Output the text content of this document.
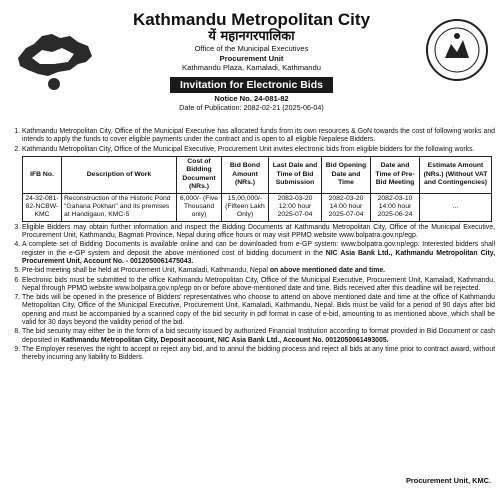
Kathmandu Metropolitan City
यें महानगरपालिका
Office of the Municipal Executives
Procurement Unit
Kathmandu Plaza, Kamaladi, Kathmandu
Invitation for Electronic Bids
Notice No. 24-081-82
Date of Publication: 2082-02-21 (2025-06-04)
1. Kathmandu Metropolitan City, Office of the Municipal Executive has allocated funds from its own resources & GoN towards the cost of following works and intends to apply the funds to cover eligible payments under the contract and is open to all eligible Nepalese Bidders.
2. Kathmandu Metropolitan City, Office of the Municipal Executive, Procurement Unit invites electronic bids from eligible bidders for the following works.
IFB No.	Description of Work	Cost of Bidding Document (NRs.)	Bid Bond Amount (NRs.)	Last Date and Time of Bid Submission	Bid Opening Date and Time	Date and Time of Pre-Bid Meeting	Estimate Amount (NRs.) (Without VAT and Contingencies)
24-32-081-82-NCBW-KMC	Reconstruction of the Historic Pond "Gahana Pokhari" and its premises at Handigaun, KMC-5	6,000/- (Five Thousand only)	15,00,000/- (Fifteen Lakh Only)	2082-03-20 12:00 hour 2025-07-04	2082-03-20 14:00 hour 2025-07-04	2082-03-10 14:00 hour 2025-06-24	...
3. Eligible Bidders may obtain further information and inspect the Bidding Documents at Kathmandu Metropolitan City, Office of the Municipal Executive, Procurement Unit, Kathmandu, Bagmati Province, Nepal during office hours or may visit PPMO website www.bolpatra.gov.np/egp.
4. A complete set of Bidding Documents is available online and can be downloaded from e-GP system: www.bolpatra.gov.np/egp. Interested bidders shall register in the e-GP system and deposit the above mentioned cost of bidding document in the NIC Asia Bank Ltd., Kathmandu Metropolitan City, Procurement Unit, Account No. - 0012050061475043.
5. Pre-bid meeting shall be held at Procurement Unit, Kamaladi, Kathmandu, Nepal on above mentioned date and time.
6. Electronic bids must be submitted to the office Kathmandu Metropolitan City, Office of the Municipal Executive, Procurement Unit, Kamaladi, Kathmandu, Nepal through PPMO website www.bolpatra.gov.np/egp on or before above-mentioned date and time. Bids received after this deadline will be rejected.
7. The bids will be opened in the presence of Bidders' representatives who choose to attend on above mentioned date and time at the office of Kathmandu Metropolitan City, Office of the Municipal Executive, Procurement Unit, Kamaladi, Kathmandu, Nepal. Bids must be valid for a period of 90 days after bid opening and must be accompanied by a scanned copy of the bid security in pdf format in case of e-bid, amounting to as mentioned above, which shall be valid for 30 days beyond the validity period of the bid.
8. The bid security may either be in the form of a bid security issued by authorized Financial Institution according to format provided in Bid Document or cash deposited in Kathmandu Metropolitan City, Deposit account, NIC Asia Bank Ltd., Account No. 0012050061493005.
9. The Employer reserves the right to accept or reject any bid, and to annul the bidding process and reject all bids at any time prior to contract award, without thereby incurring any liability to Bidders.
Procurement Unit, KMC.
